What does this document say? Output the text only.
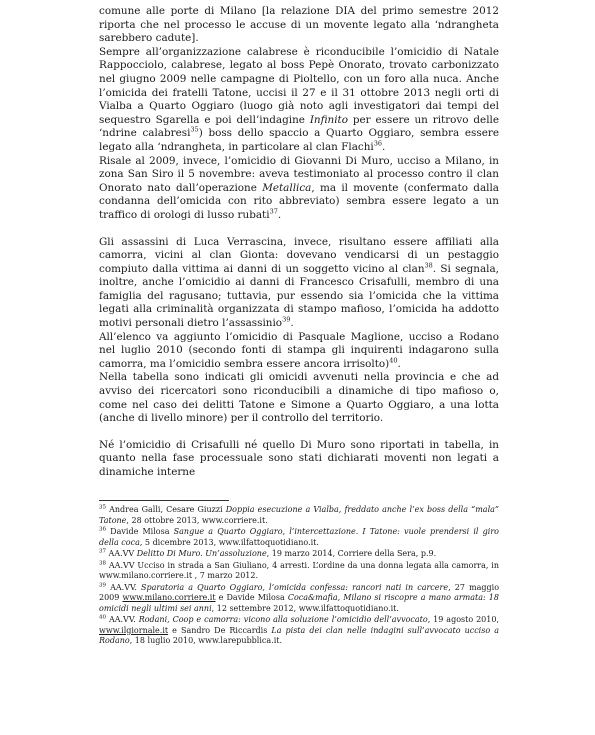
comune alle porte di Milano [la relazione DIA del primo semestre 2012 riporta che nel processo le accuse di un movente legato alla ‘ndrangheta sarebbero cadute].

Sempre all’organizzazione calabrese è riconducibile l’omicidio di Natale Rappocciolo, calabrese, legato al boss Pepè Onorato, trovato carbonizzato nel giugno 2009 nelle campagne di Pioltello, con un foro alla nuca. Anche l’omicida dei fratelli Tatone, uccisi il 27 e il 31 ottobre 2013 negli orti di Vialba a Quarto Oggiaro (luogo già noto agli investigatori dai tempi del sequestro Sgarella e poi dell’indagine Infinito per essere un ritrovo delle ‘ndrine calabresi$^{35}$) boss dello spaccio a Quarto Oggiaro, sembra essere legato alla ‘ndrangheta, in particolare al clan Flachi$^{36}$.

Risale al 2009, invece, l’omicidio di Giovanni Di Muro, ucciso a Milano, in zona San Siro il 5 novembre: aveva testimoniato al processo contro il clan Onorato nato dall’operazione Metallica, ma il movente (confermato dalla condanna dell’omicida con rito abbreviato) sembra essere legato a un traffico di orologi di lusso rubati$^{37}$.

Gli assassini di Luca Verrascina, invece, risultano essere affiliati alla camorra, vicini al clan Gionta: dovevano vendicarsi di un pestaggio compiuto dalla vittima ai danni di un soggetto vicino al clan$^{38}$. Si segnala, inoltre, anche l’omicidio ai danni di Francesco Crisafulli, membro di una famiglia del ragusano; tuttavia, pur essendo sia l’omicida che la vittima legati alla criminalità organizzata di stampo mafioso, l’omicida ha addotto motivi personali dietro l’assassinio$^{39}$.

All’elenco va aggiunto l’omicidio di Pasquale Maglione, ucciso a Rodano nel luglio 2010 (secondo fonti di stampa gli inquirenti indagarono sulla camorra, ma l’omicidio sembra essere ancora irrisolto)$^{40}$.

Nella tabella sono indicati gli omicidi avvenuti nella provincia e che ad avviso dei ricercatori sono riconducibili a dinamiche di tipo mafioso o, come nel caso dei delitti Tatone e Simone a Quarto Oggiaro, a una lotta (anche di livello minore) per il controllo del territorio.

Né l’omicidio di Crisafulli né quello Di Muro sono riportati in tabella, in quanto nella fase processuale sono stati dichiarati moventi non legati a dinamiche interne

$^{35}$ Andrea Galli, Cesare Giuzzi Doppia esecuzione a Vialba, freddato anche l’ex boss della “mala” Tatone, 28 ottobre 2013, www.corriere.it.

$^{36}$ Davide Milosa Sangue a Quarto Oggiaro, l’intercettazione. I Tatone: vuole prendersi il giro della coca, 5 dicembre 2013, www.ilfattoquotidiano.it.

$^{37}$ AA.VV Delitto Di Muro. Un’assoluzione, 19 marzo 2014, Corriere della Sera, p.9.

$^{38}$ AA.VV Ucciso in strada a San Giuliano, 4 arresti. L’ordine da una donna legata alla camorra, in www.milano.corriere.it , 7 marzo 2012.

$^{39}$ AA.VV. Sparatoria a Quarto Oggiaro, l’omicida confessa: rancori nati in carcere, 27 maggio 2009 www.milano.corriere.it e Davide Milosa Coca&mafia, Milano si riscopre a mano armata: 18 omicidi negli ultimi sei anni, 12 settembre 2012, www.ilfattoquotidiano.it.

$^{40}$ AA.VV. Rodani, Coop e camorra: vicono alla soluzione l’omicidio dell’avvocato, 19 agosto 2010, www.ilgiornale.it e Sandro De Riccardis La pista dei clan nelle indagini sull’avvocato ucciso a Rodano, 18 luglio 2010, www.larepubblica.it.
